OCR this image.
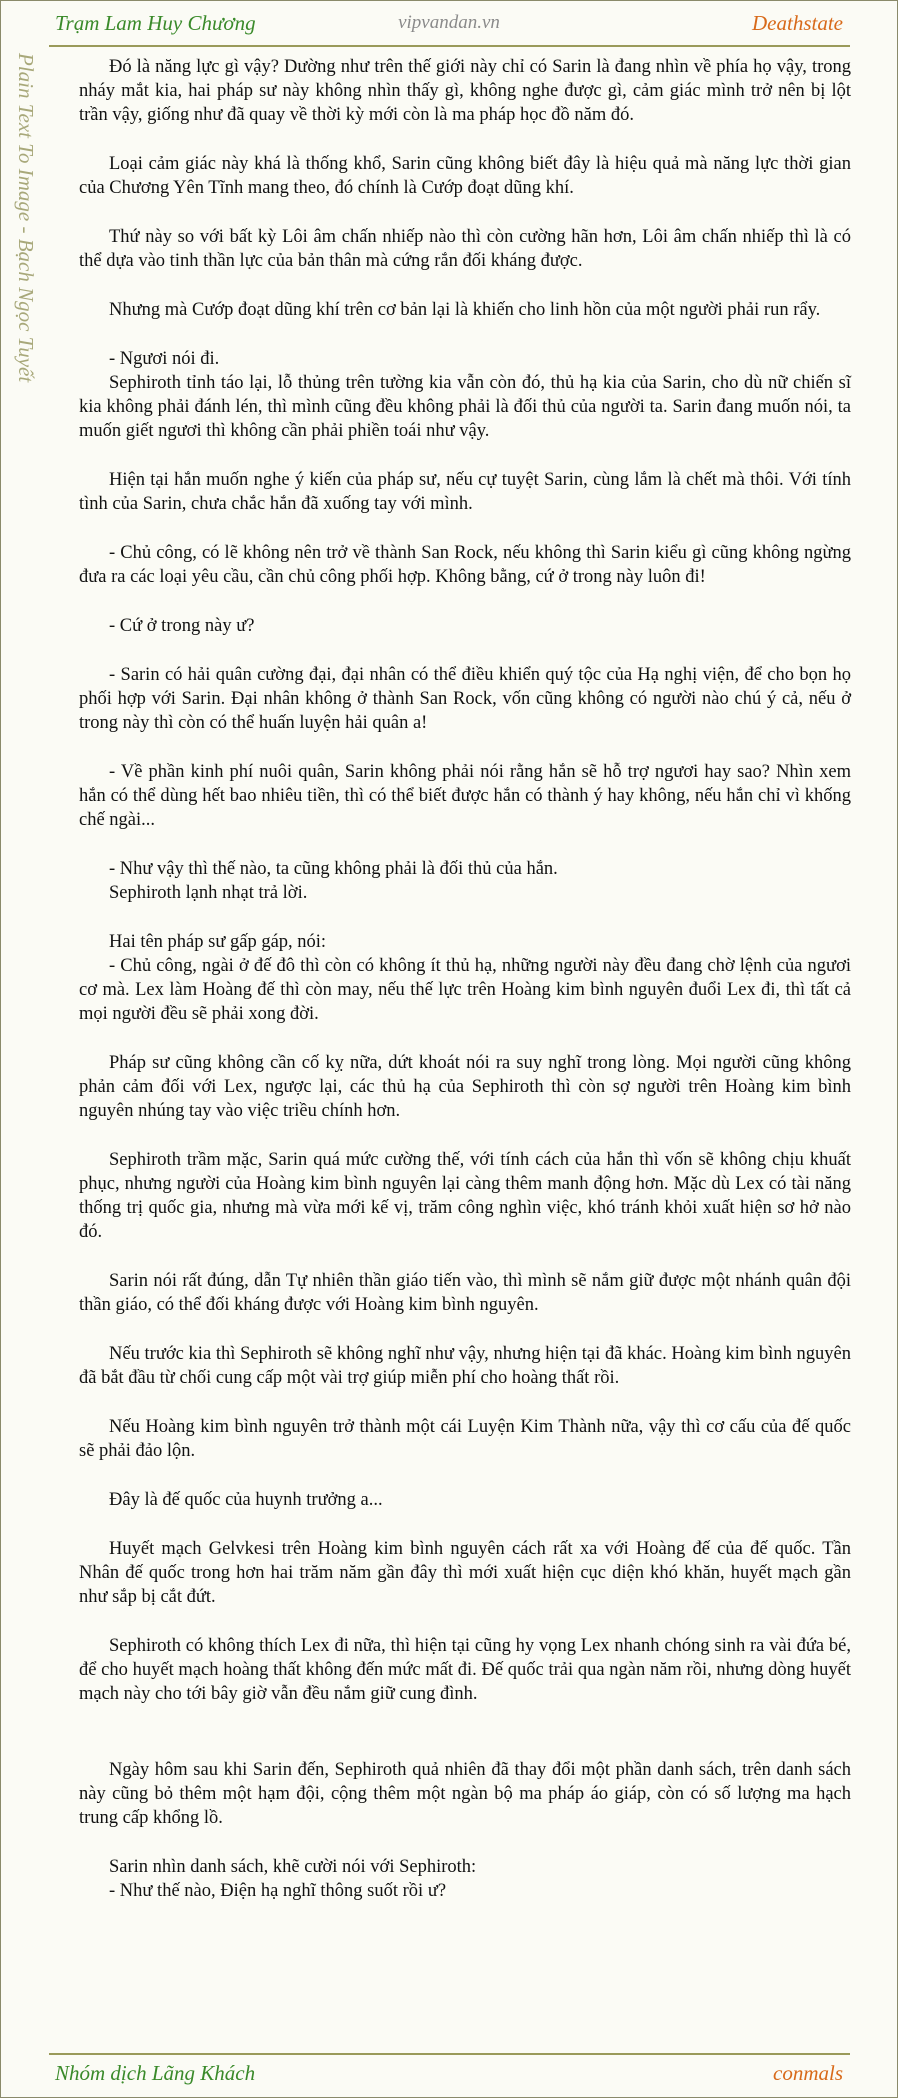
Trạm Lam Huy Chương	vipvandan.vn	Deathstate
Plain Text To Image - Bạch Ngọc Tuyết	Đó là năng lực gì vậy? Dường như trên thế giới này chỉ có Sarin là đang nhìn về phía họ vậy, trong nháy mắt kia, hai pháp sư này không nhìn thấy gì, không nghe được gì, cảm giác mình trở nên bị lột trần vậy, giống như đã quay về thời kỳ mới còn là ma pháp học đồ năm đó.

Loại cảm giác này khá là thống khổ, Sarin cũng không biết đây là hiệu quả mà năng lực thời gian của Chương Yên Tĩnh mang theo, đó chính là Cướp đoạt dũng khí.

Thứ này so với bất kỳ Lôi âm chấn nhiếp nào thì còn cường hãn hơn, Lôi âm chấn nhiếp thì là có thể dựa vào tinh thần lực của bản thân mà cứng rắn đối kháng được.

Nhưng mà Cướp đoạt dũng khí trên cơ bản lại là khiến cho linh hồn của một người phải run rẩy.

- Ngươi nói đi.

Sephiroth tỉnh táo lại, lỗ thủng trên tường kia vẫn còn đó, thủ hạ kia của Sarin, cho dù nữ chiến sĩ kia không phải đánh lén, thì mình cũng đều không phải là đối thủ của người ta. Sarin đang muốn nói, ta muốn giết ngươi thì không cần phải phiền toái như vậy.

Hiện tại hắn muốn nghe ý kiến của pháp sư, nếu cự tuyệt Sarin, cùng lắm là chết mà thôi. Với tính tình của Sarin, chưa chắc hắn đã xuống tay với mình.

- Chủ công, có lẽ không nên trở về thành San Rock, nếu không thì Sarin kiểu gì cũng không ngừng đưa ra các loại yêu cầu, cần chủ công phối hợp. Không bằng, cứ ở trong này luôn đi!

- Cứ ở trong này ư?

- Sarin có hải quân cường đại, đại nhân có thể điều khiển quý tộc của Hạ nghị viện, để cho bọn họ phối hợp với Sarin. Đại nhân không ở thành San Rock, vốn cũng không có người nào chú ý cả, nếu ở trong này thì còn có thể huấn luyện hải quân a!

- Về phần kinh phí nuôi quân, Sarin không phải nói rằng hắn sẽ hỗ trợ ngươi hay sao? Nhìn xem hắn có thể dùng hết bao nhiêu tiền, thì có thể biết được hắn có thành ý hay không, nếu hắn chỉ vì khống chế ngài...

- Như vậy thì thế nào, ta cũng không phải là đối thủ của hắn.

Sephiroth lạnh nhạt trả lời.

Hai tên pháp sư gấp gáp, nói:

- Chủ công, ngài ở đế đô thì còn có không ít thủ hạ, những người này đều đang chờ lệnh của ngươi cơ mà. Lex làm Hoàng đế thì còn may, nếu thế lực trên Hoàng kim bình nguyên đuổi Lex đi, thì tất cả mọi người đều sẽ phải xong đời.

Pháp sư cũng không cần cố kỵ nữa, dứt khoát nói ra suy nghĩ trong lòng. Mọi người cũng không phản cảm đối với Lex, ngược lại, các thủ hạ của Sephiroth thì còn sợ người trên Hoàng kim bình nguyên nhúng tay vào việc triều chính hơn.

Sephiroth trầm mặc, Sarin quá mức cường thế, với tính cách của hắn thì vốn sẽ không chịu khuất phục, nhưng người của Hoàng kim bình nguyên lại càng thêm manh động hơn. Mặc dù Lex có tài năng thống trị quốc gia, nhưng mà vừa mới kế vị, trăm công nghìn việc, khó tránh khỏi xuất hiện sơ hở nào đó.

Sarin nói rất đúng, dẫn Tự nhiên thần giáo tiến vào, thì mình sẽ nắm giữ được một nhánh quân đội thần giáo, có thể đối kháng được với Hoàng kim bình nguyên.

Nếu trước kia thì Sephiroth sẽ không nghĩ như vậy, nhưng hiện tại đã khác. Hoàng kim bình nguyên đã bắt đầu từ chối cung cấp một vài trợ giúp miễn phí cho hoàng thất rồi.

Nếu Hoàng kim bình nguyên trở thành một cái Luyện Kim Thành nữa, vậy thì cơ cấu của đế quốc sẽ phải đảo lộn.

Đây là đế quốc của huynh trưởng a...

Huyết mạch Gelvkesi trên Hoàng kim bình nguyên cách rất xa với Hoàng đế của đế quốc. Tần Nhân đế quốc trong hơn hai trăm năm gần đây thì mới xuất hiện cục diện khó khăn, huyết mạch gần như sắp bị cắt đứt.

Sephiroth có không thích Lex đi nữa, thì hiện tại cũng hy vọng Lex nhanh chóng sinh ra vài đứa bé, để cho huyết mạch hoàng thất không đến mức mất đi. Đế quốc trải qua ngàn năm rồi, nhưng dòng huyết mạch này cho tới bây giờ vẫn đều nắm giữ cung đình.

Ngày hôm sau khi Sarin đến, Sephiroth quả nhiên đã thay đổi một phần danh sách, trên danh sách này cũng bỏ thêm một hạm đội, cộng thêm một ngàn bộ ma pháp áo giáp, còn có số lượng ma hạch trung cấp khổng lồ.

Sarin nhìn danh sách, khẽ cười nói với Sephiroth:

- Như thế nào, Điện hạ nghĩ thông suốt rồi ư?

Nhóm dịch Lãng Khách	conmals
